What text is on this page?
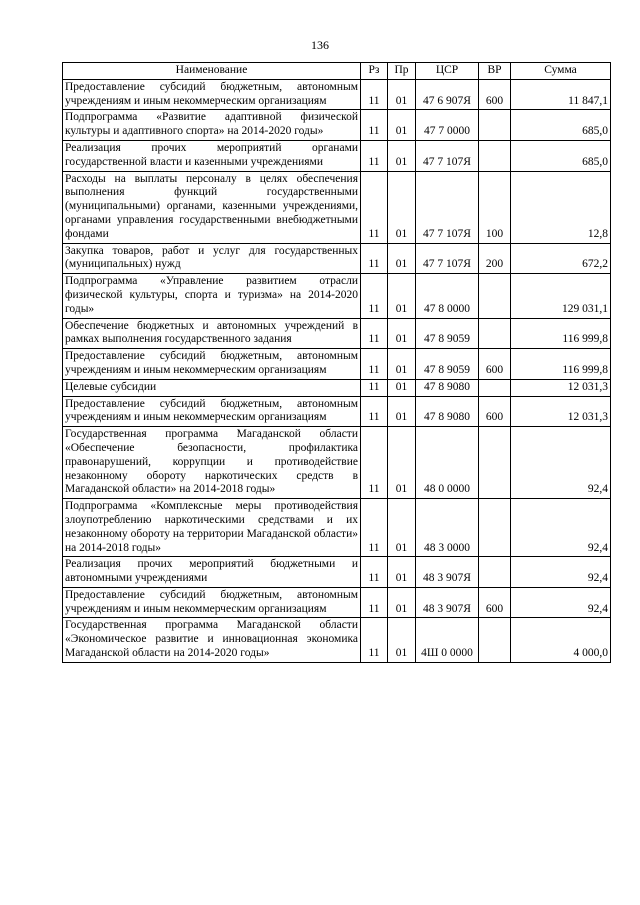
136
Наименование	Рз	Пр	ЦСР	ВР	Сумма
Предоставление субсидий бюджетным, автономным учреждениям и иным некоммерческим организациям	11	01	47 6 907Я	600	11 847,1
Подпрограмма «Развитие адаптивной физической культуры и адаптивного спорта» на 2014-2020 годы»	11	01	47 7 0000		685,0
Реализация прочих мероприятий органами государственной власти и казенными учреждениями	11	01	47 7 107Я		685,0
Расходы на выплаты персоналу в целях обеспечения выполнения функций государственными (муниципальными) органами, казенными учреждениями, органами управления государственными внебюджетными фондами	11	01	47 7 107Я	100	12,8
Закупка товаров, работ и услуг для государственных (муниципальных) нужд	11	01	47 7 107Я	200	672,2
Подпрограмма «Управление развитием отрасли физической культуры, спорта и туризма» на 2014-2020 годы»	11	01	47 8 0000		129 031,1
Обеспечение бюджетных и автономных учреждений в рамках выполнения государственного задания	11	01	47 8 9059		116 999,8
Предоставление субсидий бюджетным, автономным учреждениям и иным некоммерческим организациям	11	01	47 8 9059	600	116 999,8
Целевые субсидии	11	01	47 8 9080		12 031,3
Предоставление субсидий бюджетным, автономным учреждениям и иным некоммерческим организациям	11	01	47 8 9080	600	12 031,3
Государственная программа Магаданской области «Обеспечение безопасности, профилактика правонарушений, коррупции и противодействие незаконному обороту наркотических средств в Магаданской области» на 2014-2018 годы»	11	01	48 0 0000		92,4
Подпрограмма «Комплексные меры противодействия злоупотреблению наркотическими средствами и их незаконному обороту на территории Магаданской области» на 2014-2018 годы»	11	01	48 3 0000		92,4
Реализация прочих мероприятий бюджетными и автономными учреждениями	11	01	48 3 907Я		92,4
Предоставление субсидий бюджетным, автономным учреждениям и иным некоммерческим организациям	11	01	48 3 907Я	600	92,4
Государственная программа Магаданской области «Экономическое развитие и инновационная экономика Магаданской области на 2014-2020 годы»	11	01	4Ш 0 0000		4 000,0
